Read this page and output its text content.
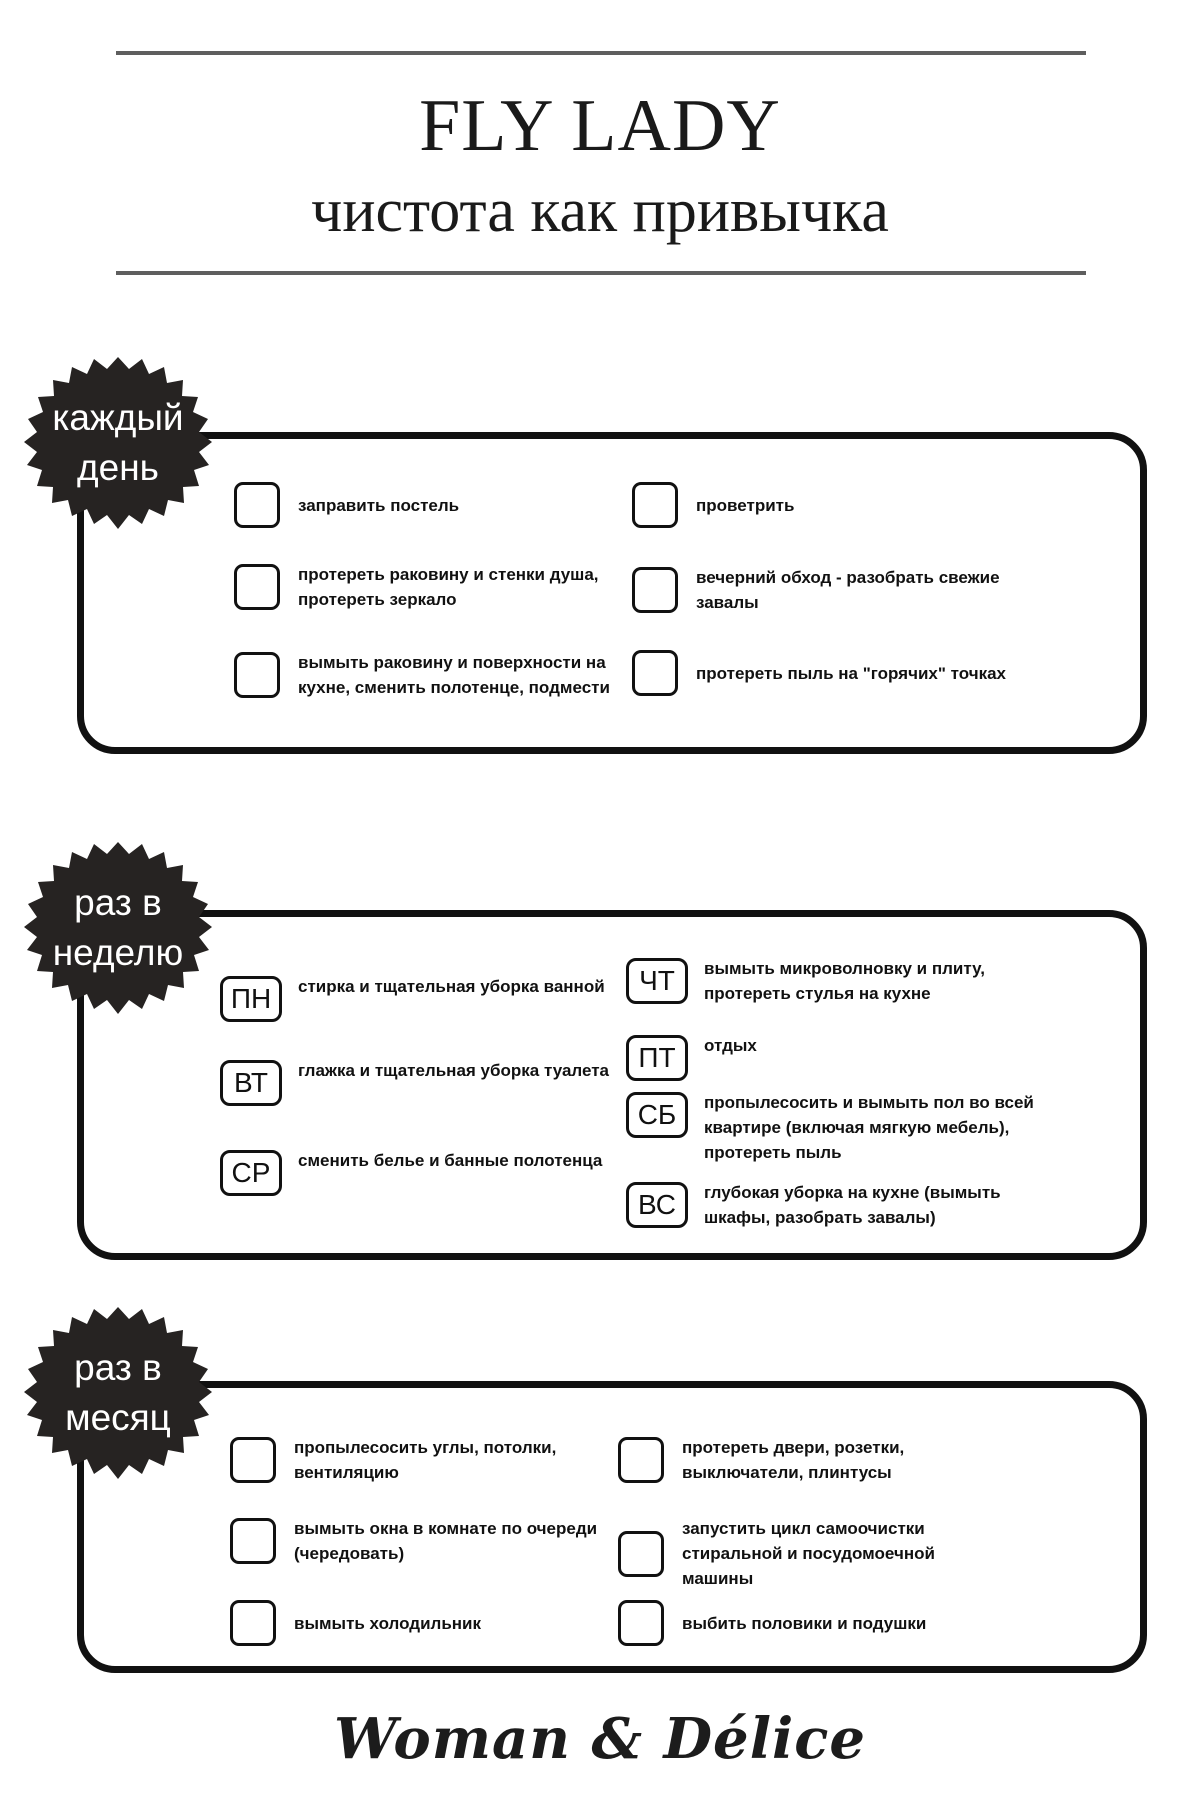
FLY LADY
чистота как привычка
каждый
день
заправить постель
протереть раковину и стенки душа, протереть зеркало
вымыть раковину и поверхности на кухне, сменить полотенце, подмести
проветрить
вечерний обход - разобрать свежие завалы
протереть пыль на "горячих" точках
раз в
неделю
ПН	стирка и тщательная уборка ванной
ВТ	глажка и тщательная уборка туалета
СР	сменить белье и банные полотенца
ЧТ	вымыть микроволновку и плиту, протереть стулья на кухне
ПТ	отдых
СБ	пропылесосить и вымыть пол во всей квартире (включая мягкую мебель), протереть пыль
ВС	глубокая уборка на кухне (вымыть шкафы, разобрать завалы)
раз в
месяц
пропылесосить углы, потолки, вентиляцию
вымыть окна в комнате по очереди (чередовать)
вымыть холодильник
протереть двери, розетки, выключатели, плинтусы
запустить цикл самоочистки стиральной и посудомоечной машины
выбить половики и подушки
Woman & Délice
